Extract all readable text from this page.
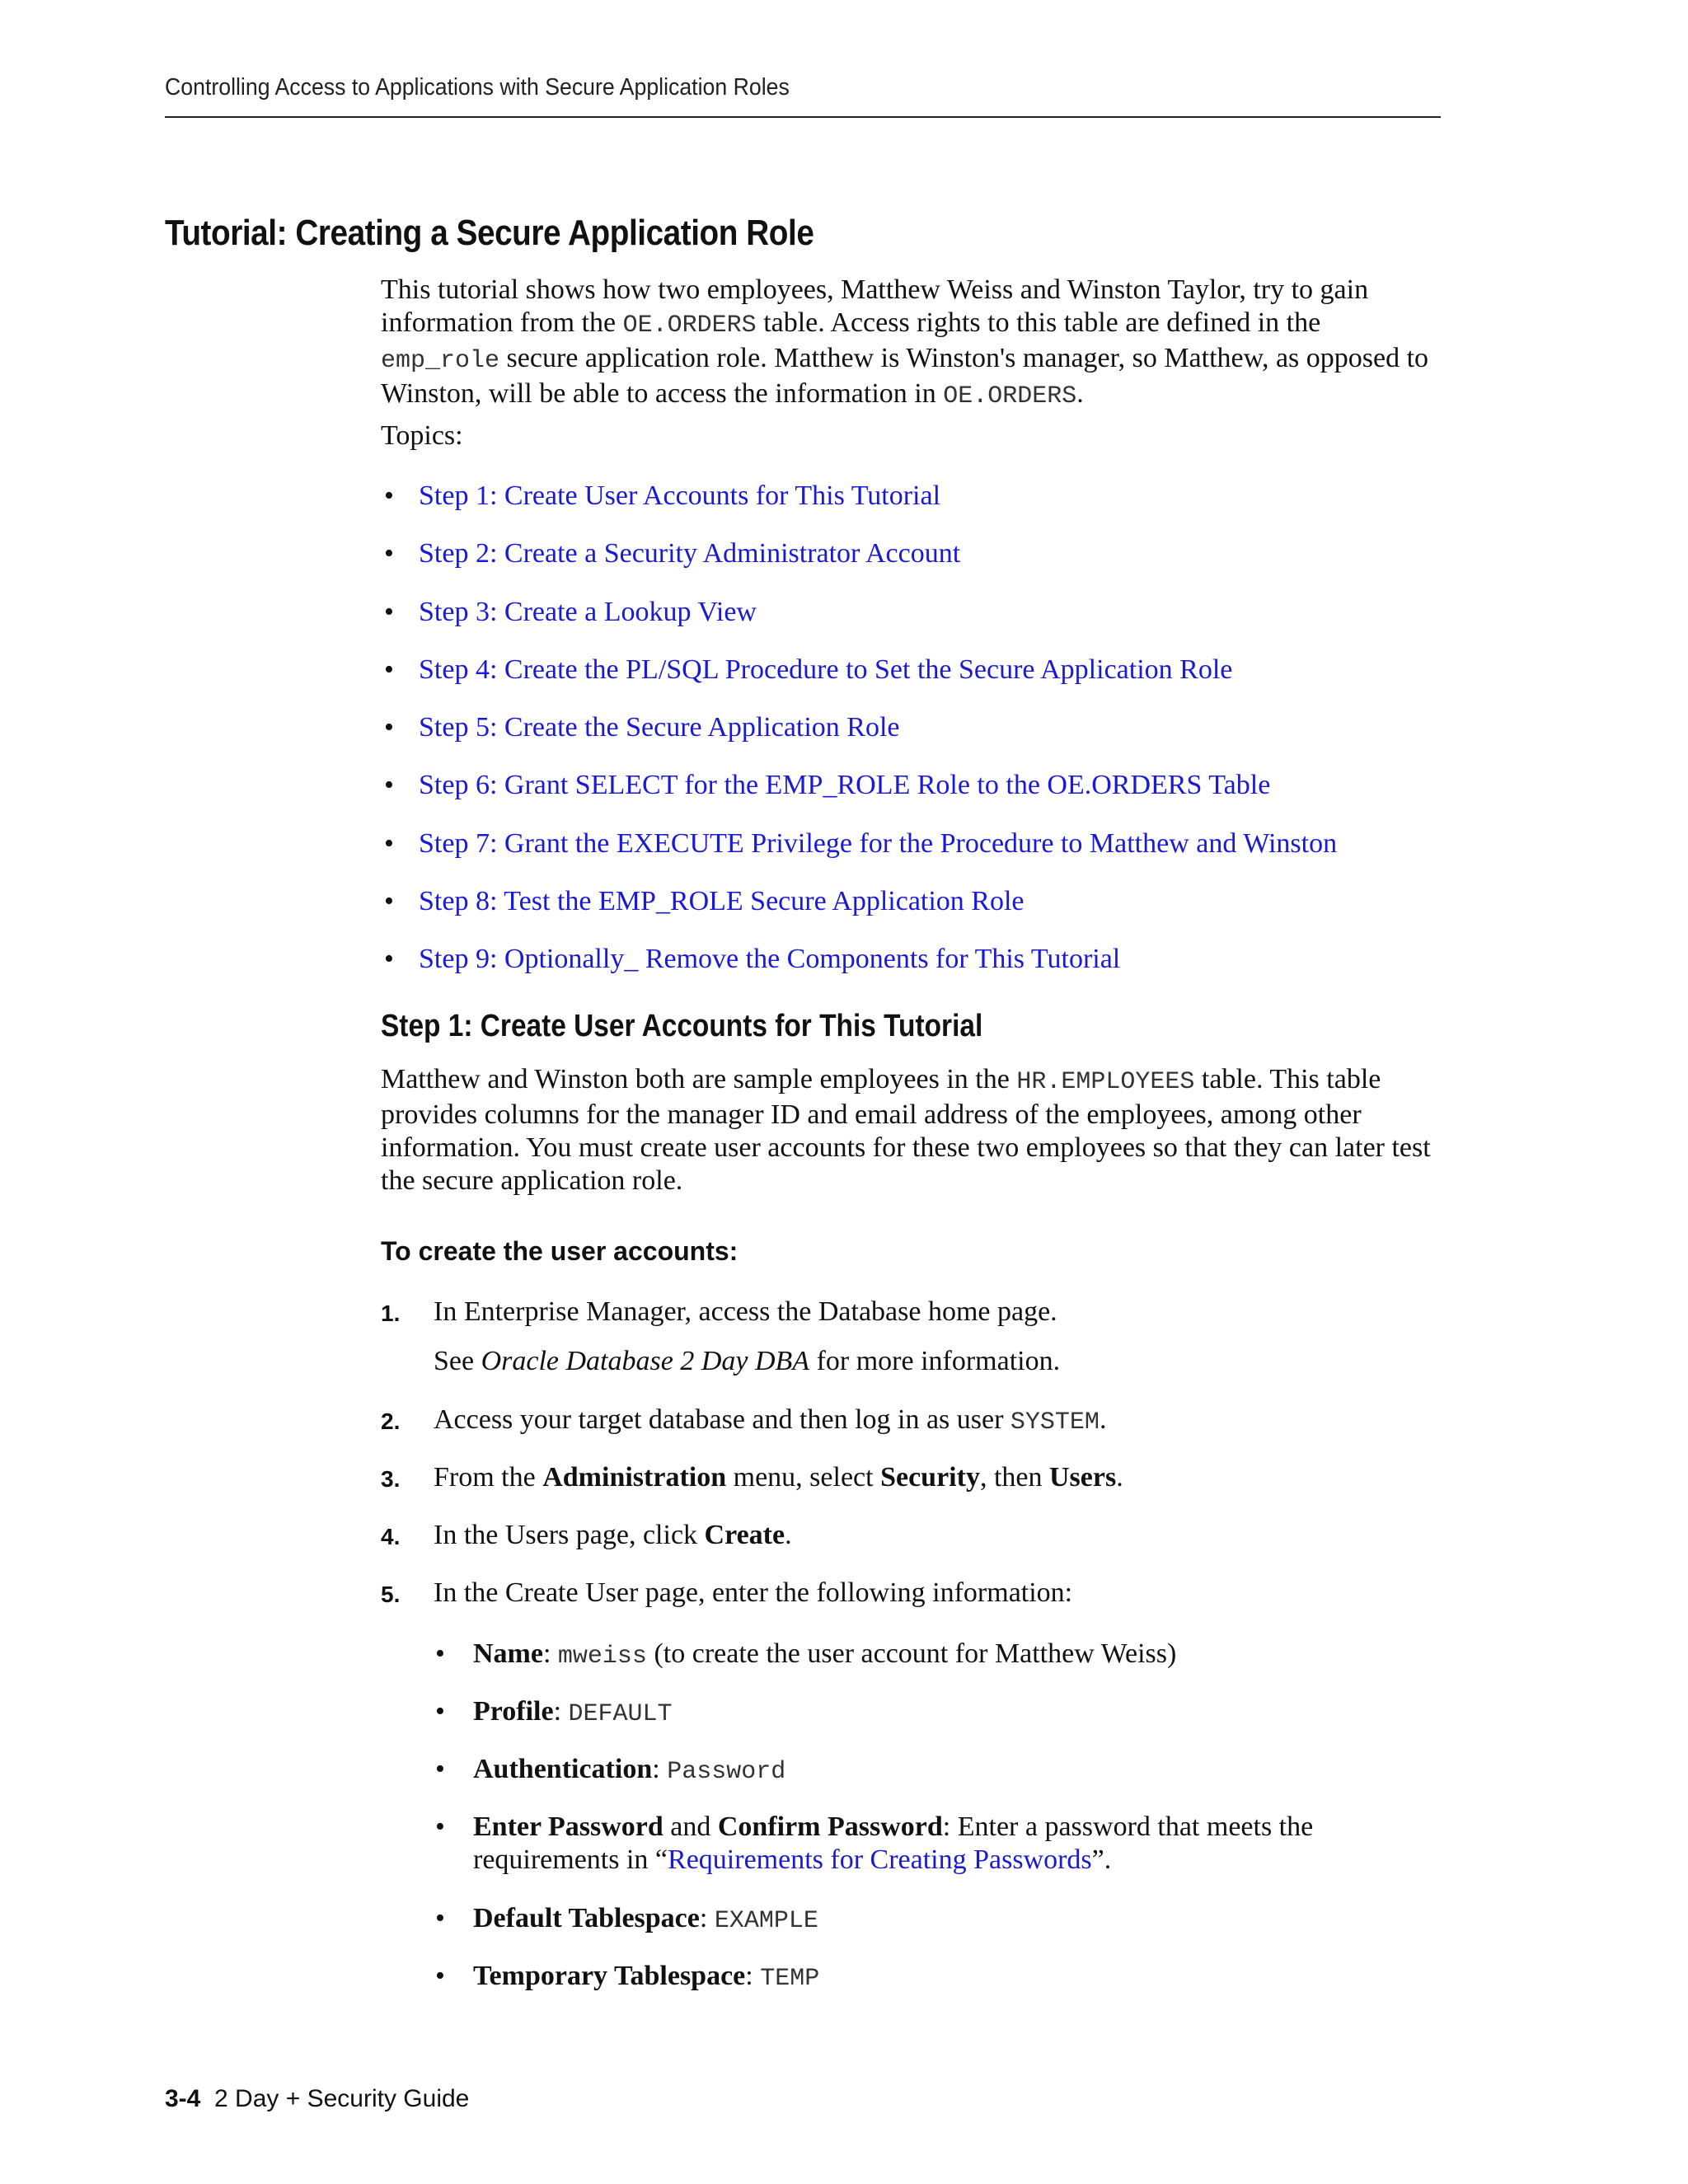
Controlling Access to Applications with Secure Application Roles
Tutorial: Creating a Secure Application Role

This tutorial shows how two employees, Matthew Weiss and Winston Taylor, try to gain information from the OE.ORDERS table. Access rights to this table are defined in the emp_role secure application role. Matthew is Winston's manager, so Matthew, as opposed to Winston, will be able to access the information in OE.ORDERS.

Topics:
• Step 1: Create User Accounts for This Tutorial
• Step 2: Create a Security Administrator Account
• Step 3: Create a Lookup View
• Step 4: Create the PL/SQL Procedure to Set the Secure Application Role
• Step 5: Create the Secure Application Role
• Step 6: Grant SELECT for the EMP_ROLE Role to the OE.ORDERS Table
• Step 7: Grant the EXECUTE Privilege for the Procedure to Matthew and Winston
• Step 8: Test the EMP_ROLE Secure Application Role
• Step 9: Optionally_ Remove the Components for This Tutorial
Step 1: Create User Accounts for This Tutorial

Matthew and Winston both are sample employees in the HR.EMPLOYEES table. This table provides columns for the manager ID and email address of the employees, among other information. You must create user accounts for these two employees so that they can later test the secure application role.

To create the user accounts:
1. In Enterprise Manager, access the Database home page.
See Oracle Database 2 Day DBA for more information.
2. Access your target database and then log in as user SYSTEM.
3. From the Administration menu, select Security, then Users.
4. In the Users page, click Create.
5. In the Create User page, enter the following information:
• Name: mweiss (to create the user account for Matthew Weiss)
• Profile: DEFAULT
• Authentication: Password
• Enter Password and Confirm Password: Enter a password that meets the requirements in “Requirements for Creating Passwords”.
• Default Tablespace: EXAMPLE
• Temporary Tablespace: TEMP
3-4 2 Day + Security Guide
